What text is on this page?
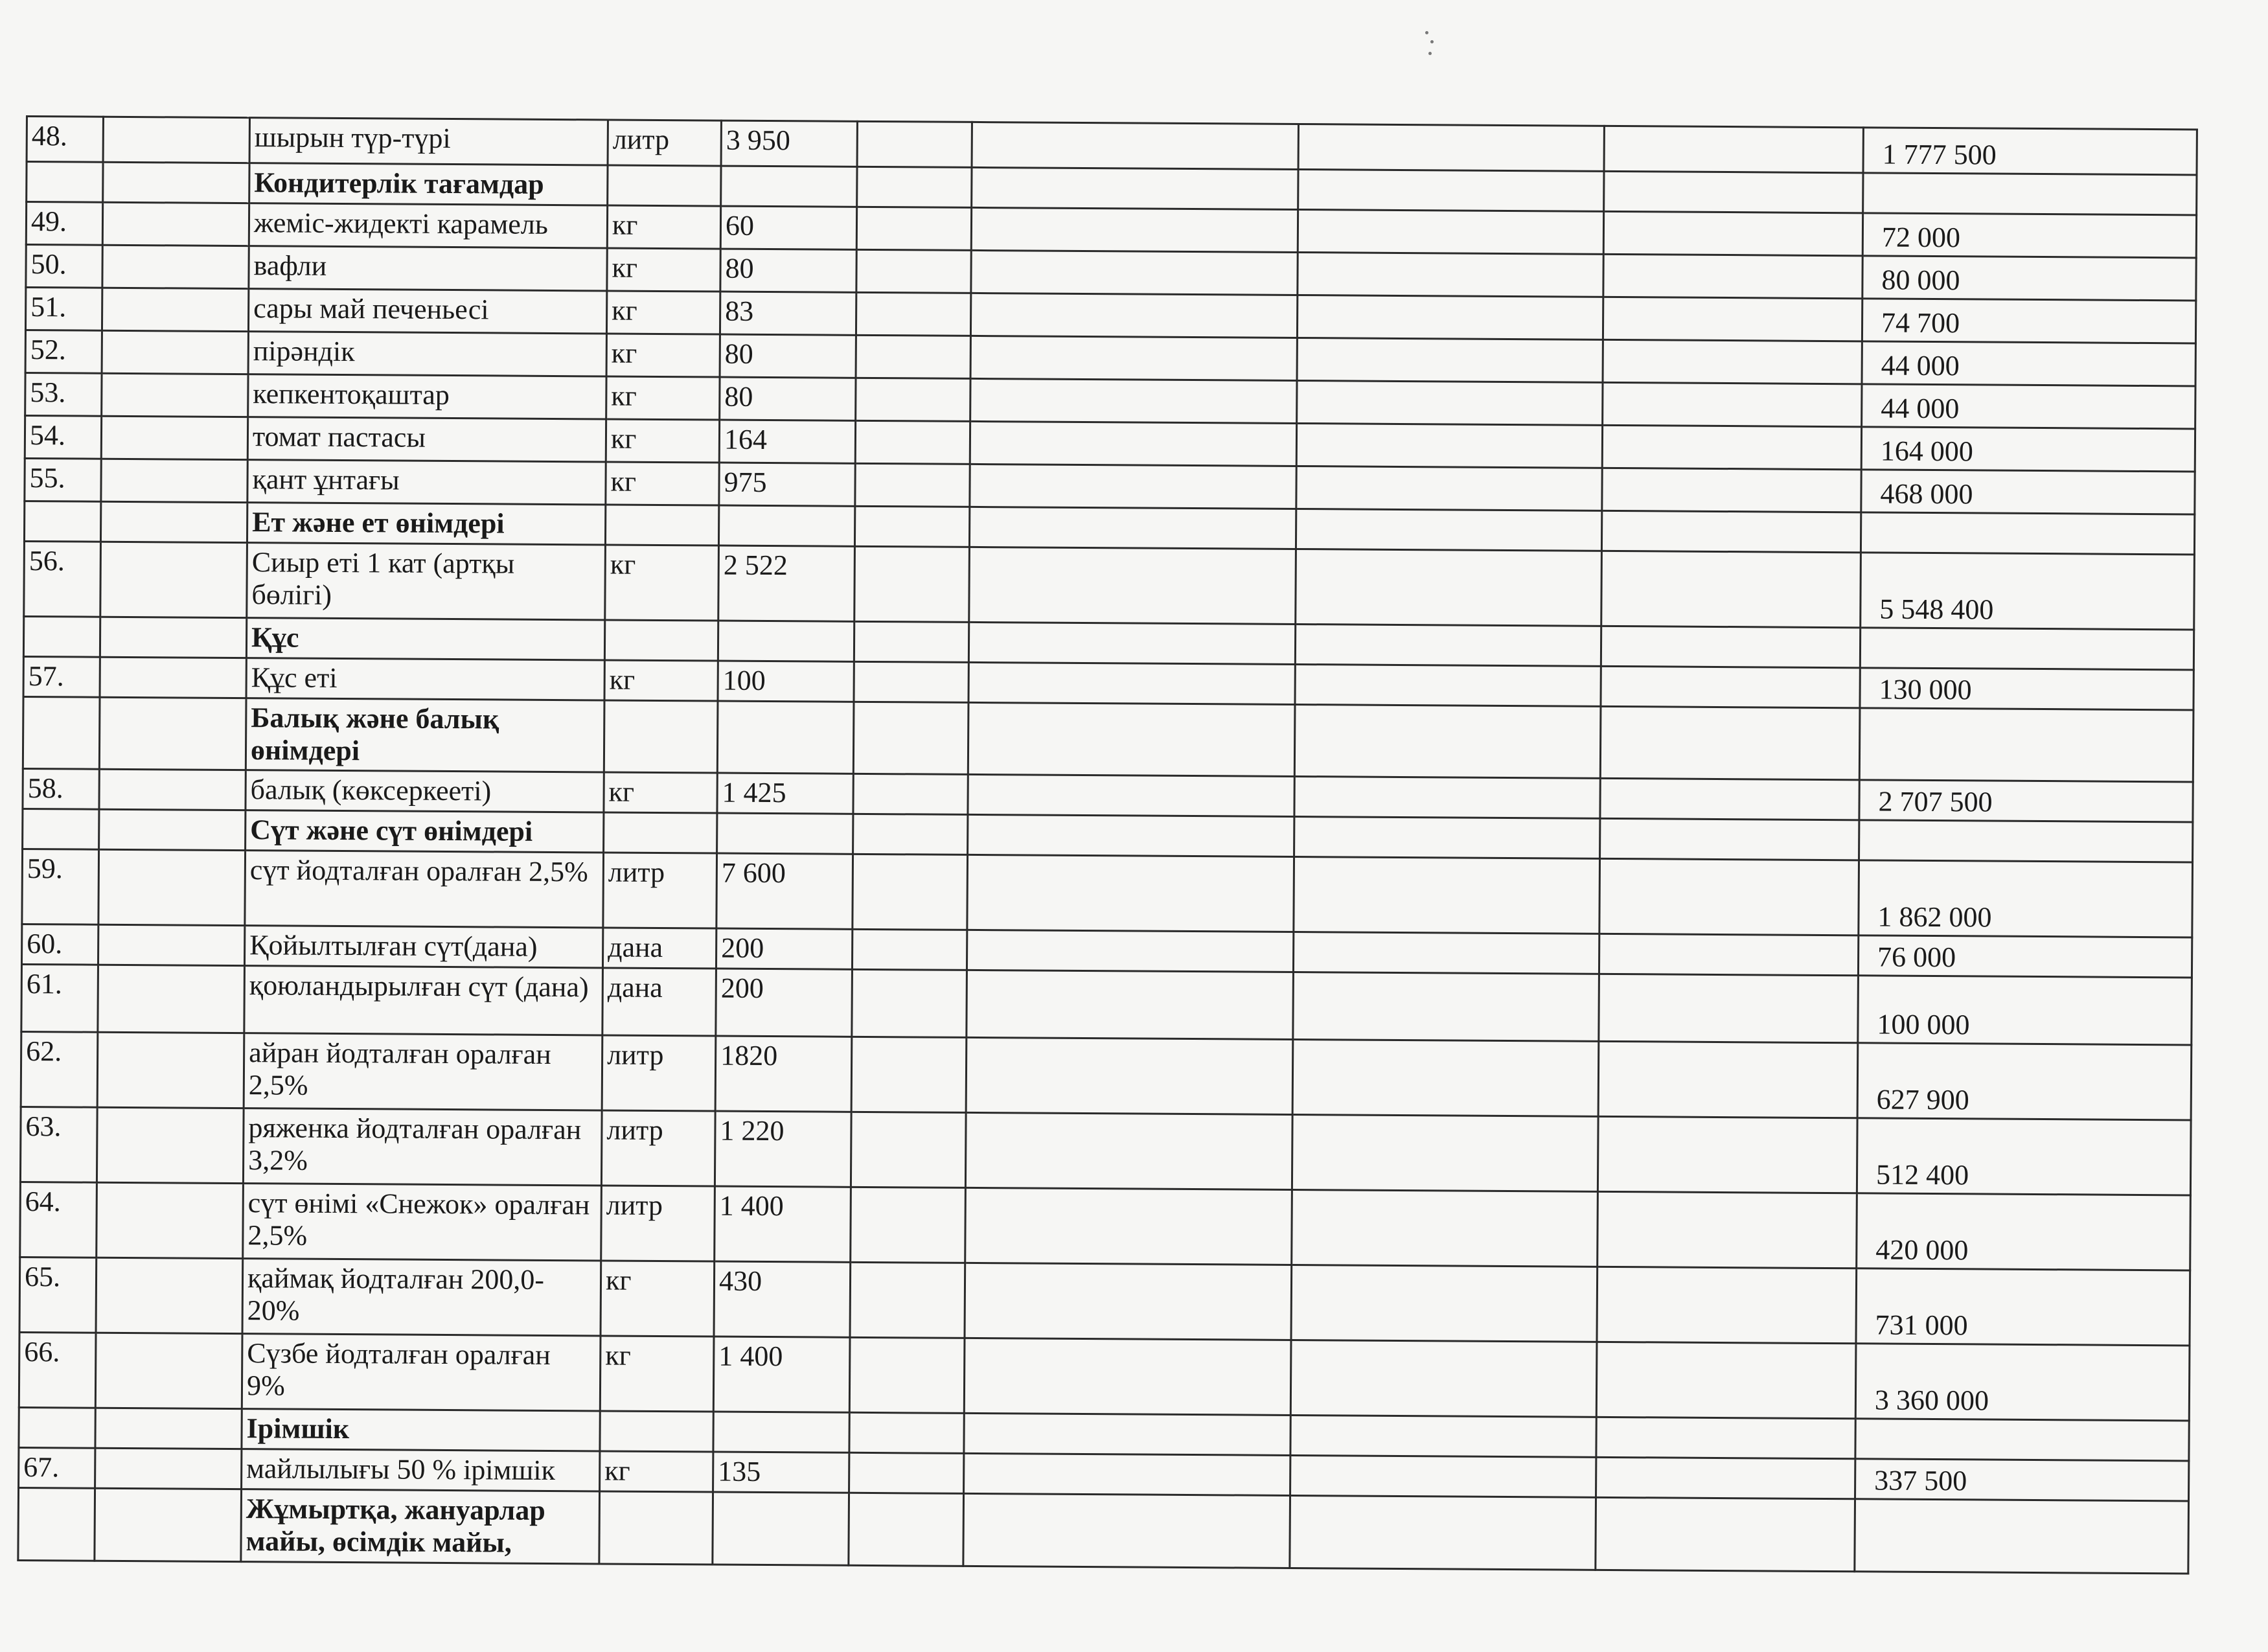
48.		шырын түр-түрі	литр	3 950					1 777 500
		Кондитерлік тағамдар							
49.		жеміс-жидекті карамель	кг	60					72 000
50.		вафли	кг	80					80 000
51.		сары май печеньесі	кг	83					74 700
52.		пірәндік	кг	80					44 000
53.		кепкентоқаштар	кг	80					44 000
54.		томат пастасы	кг	164					164 000
55.		қант ұнтағы	кг	975					468 000
		Ет және ет өнімдері							
56.		Сиыр еті 1 кат (артқы бөлігі)	кг	2 522					5 548 400
		Құс							
57.		Құс еті	кг	100					130 000
		Балық және балық өнімдері							
58.		балық (көксеркееті)	кг	1 425					2 707 500
		Сүт және сүт өнімдері							
59.		сүт йодталған оралған 2,5%	литр	7 600					1 862 000
60.		Қойылтылған сүт(дана)	дана	200					76 000
61.		қоюландырылған сүт (дана)	дана	200					100 000
62.		айран йодталған оралған 2,5%	литр	1820					627 900
63.		ряженка йодталған оралған 3,2%	литр	1 220					512 400
64.		сүт өнімі «Снежок» оралған 2,5%	литр	1 400					420 000
65.		қаймақ йодталған 200,0-20%	кг	430					731 000
66.		Сүзбе йодталған оралған 9%	кг	1 400					3 360 000
		Ірімшік							
67.		майлылығы 50 % ірімшік	кг	135					337 500
		Жұмыртқа, жануарлар майы, өсімдік майы,							
